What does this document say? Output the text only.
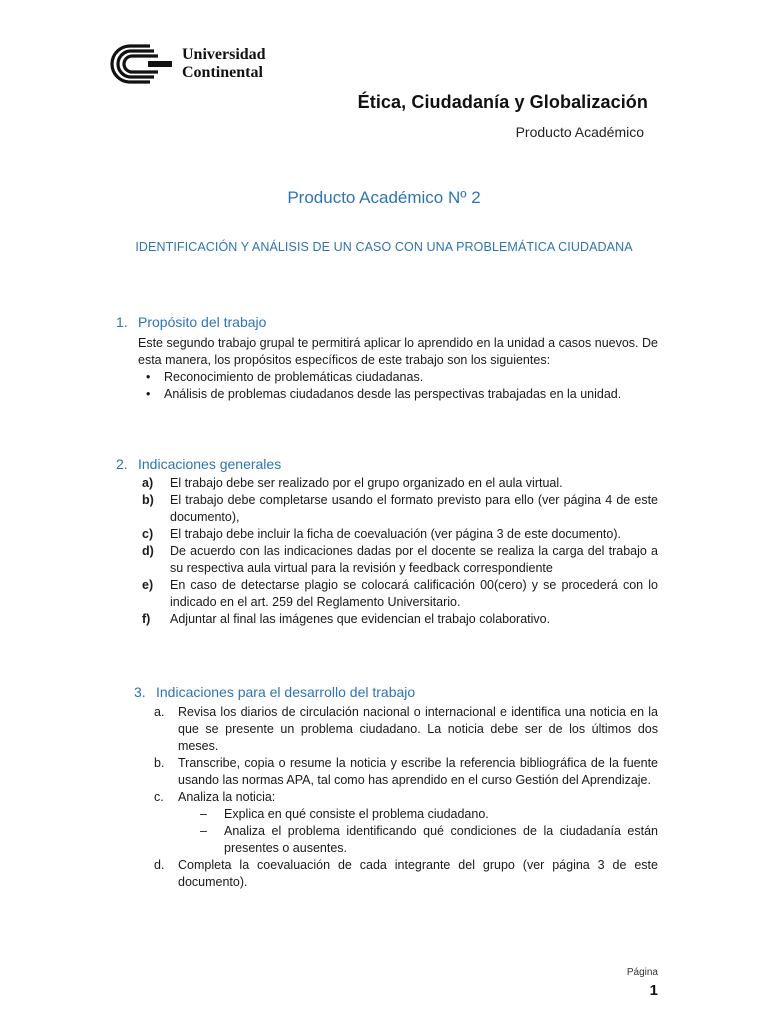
Universidad
Continental
Ética, Ciudadanía y Globalización
Producto Académico
Producto Académico Nº 2
IDENTIFICACIÓN Y ANÁLISIS DE UN CASO CON UNA PROBLEMÁTICA CIUDADANA
1. Propósito del trabajo
Este segundo trabajo grupal te permitirá aplicar lo aprendido en la unidad a casos nuevos. De esta manera, los propósitos específicos de este trabajo son los siguientes:
• Reconocimiento de problemáticas ciudadanas.
• Análisis de problemas ciudadanos desde las perspectivas trabajadas en la unidad.
2. Indicaciones generales
a) El trabajo debe ser realizado por el grupo organizado en el aula virtual.
b) El trabajo debe completarse usando el formato previsto para ello (ver página 4 de este documento),
c) El trabajo debe incluir la ficha de coevaluación (ver página 3 de este documento).
d) De acuerdo con las indicaciones dadas por el docente se realiza la carga del trabajo a su respectiva aula virtual para la revisión y feedback correspondiente
e) En caso de detectarse plagio se colocará calificación 00(cero) y se procederá con lo indicado en el art. 259 del Reglamento Universitario.
f) Adjuntar al final las imágenes que evidencian el trabajo colaborativo.
3. Indicaciones para el desarrollo del trabajo
a. Revisa los diarios de circulación nacional o internacional e identifica una noticia en la que se presente un problema ciudadano. La noticia debe ser de los últimos dos meses.
b. Transcribe, copia o resume la noticia y escribe la referencia bibliográfica de la fuente usando las normas APA, tal como has aprendido en el curso Gestión del Aprendizaje.
c. Analiza la noticia:
– Explica en qué consiste el problema ciudadano.
– Analiza el problema identificando qué condiciones de la ciudadanía están presentes o ausentes.
d. Completa la coevaluación de cada integrante del grupo (ver página 3 de este documento).
Página
1
